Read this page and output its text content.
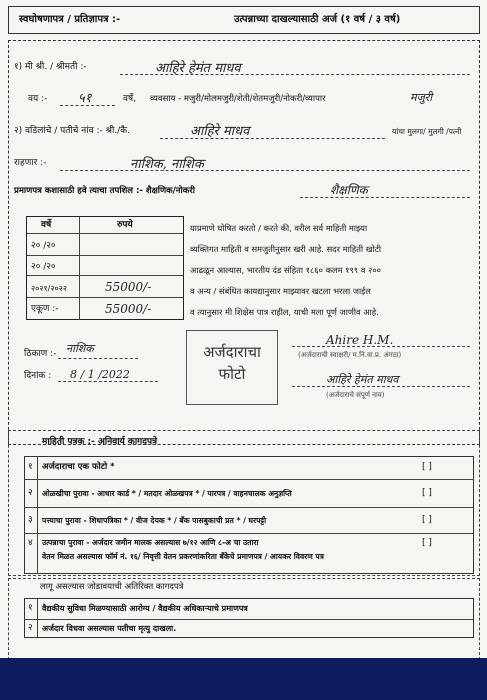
स्वघोषणापत्र / प्रतिज्ञापत्र :-	उत्पन्नाच्या दाखल्यासाठी अर्ज (१ वर्ष / ३ वर्ष)
१) मी श्री. / श्रीमती :-	आहिरे हेमंत माधव
वय :- ५१	वर्षे, व्यवसाय - मजुरी/मोलमजुरी/शेती/शेतमजुरी/नोकरी/व्यापार	मजुरी
२) वडिलांचे / पतीचे नांव :- श्री./कै.	आहिरे माधव	यांचा मुलगा/ मुलगी /पत्नी
राहणार :-	नाशिक, नाशिक
प्रमाणपत्र कशासाठी हवे त्याचा तपशिल :- शैक्षणिक/नोकरी	शैक्षणिक
वर्षे	रुपये
२० /२०
२० /२०
२०२१/२०२२	55000/-
एकूण :-	55000/-
याप्रमाणे घोषित करतो / करते की, वरील सर्व माहिती माझ्या
व्यक्तिगत माहिती व समजुतीनुसार खरी आहे. सदर माहिती खोटी
आढळून आल्यास, भारतीय दंड संहिता १८६० कलम १९९ व २००
व अन्य / संबंधित कायद्यानुसार माझ्यावर खटला भरला जाईल
व त्यानुसार मी शिक्षेस पात्र राहील, याची मला पूर्ण जाणीव आहे.
ठिकाण :- नाशिक
दिनांक : 8 / 1 /2022
अर्जदाराचा
फोटो
Ahire H.M.
(अर्जदाराची स्वाक्षरी/ म.नि.वा.प्र. अंगठा)
आहिरे हेमंत माधव
(अर्जदाराचे संपूर्ण नाव)
माहिती पत्रक :- अनिवार्य कागदपत्रे
१ अर्जदाराचा एक फोटो *	[ ]
२ ओळखीचा पुरावा - आधार कार्ड * / मतदार ओळखपत्र * / पारपत्र / वाहनचालक अनुज्ञप्ति	[ ]
३ पत्त्याचा पुरावा - शिधापत्रिका * / वीज देयक * / बँक पासबुकाची प्रत * / घरपट्टी	[ ]
४ उत्पन्नाचा पुरावा - अर्जदार जमीन मालक असल्यास ७/१२ आणि ८-अ चा उतारा
वेतन मिळत असल्यास फॉर्म नं. १६/ निवृत्ती वेतन प्रकरणांकरिता बँकेचे प्रमाणपत्र / आयकर विवरण पत्र
[ ]
लागू असल्यास जोडावयाची अतिरिक्त कागदपत्रे
१ वैद्यकीय सुविधा मिळण्यासाठी आरोग्य / वैद्यकीय अधिकाऱ्याचे प्रमाणपत्र
२ अर्जदार विधवा असल्यास पतीचा मृत्यु दाखला.
